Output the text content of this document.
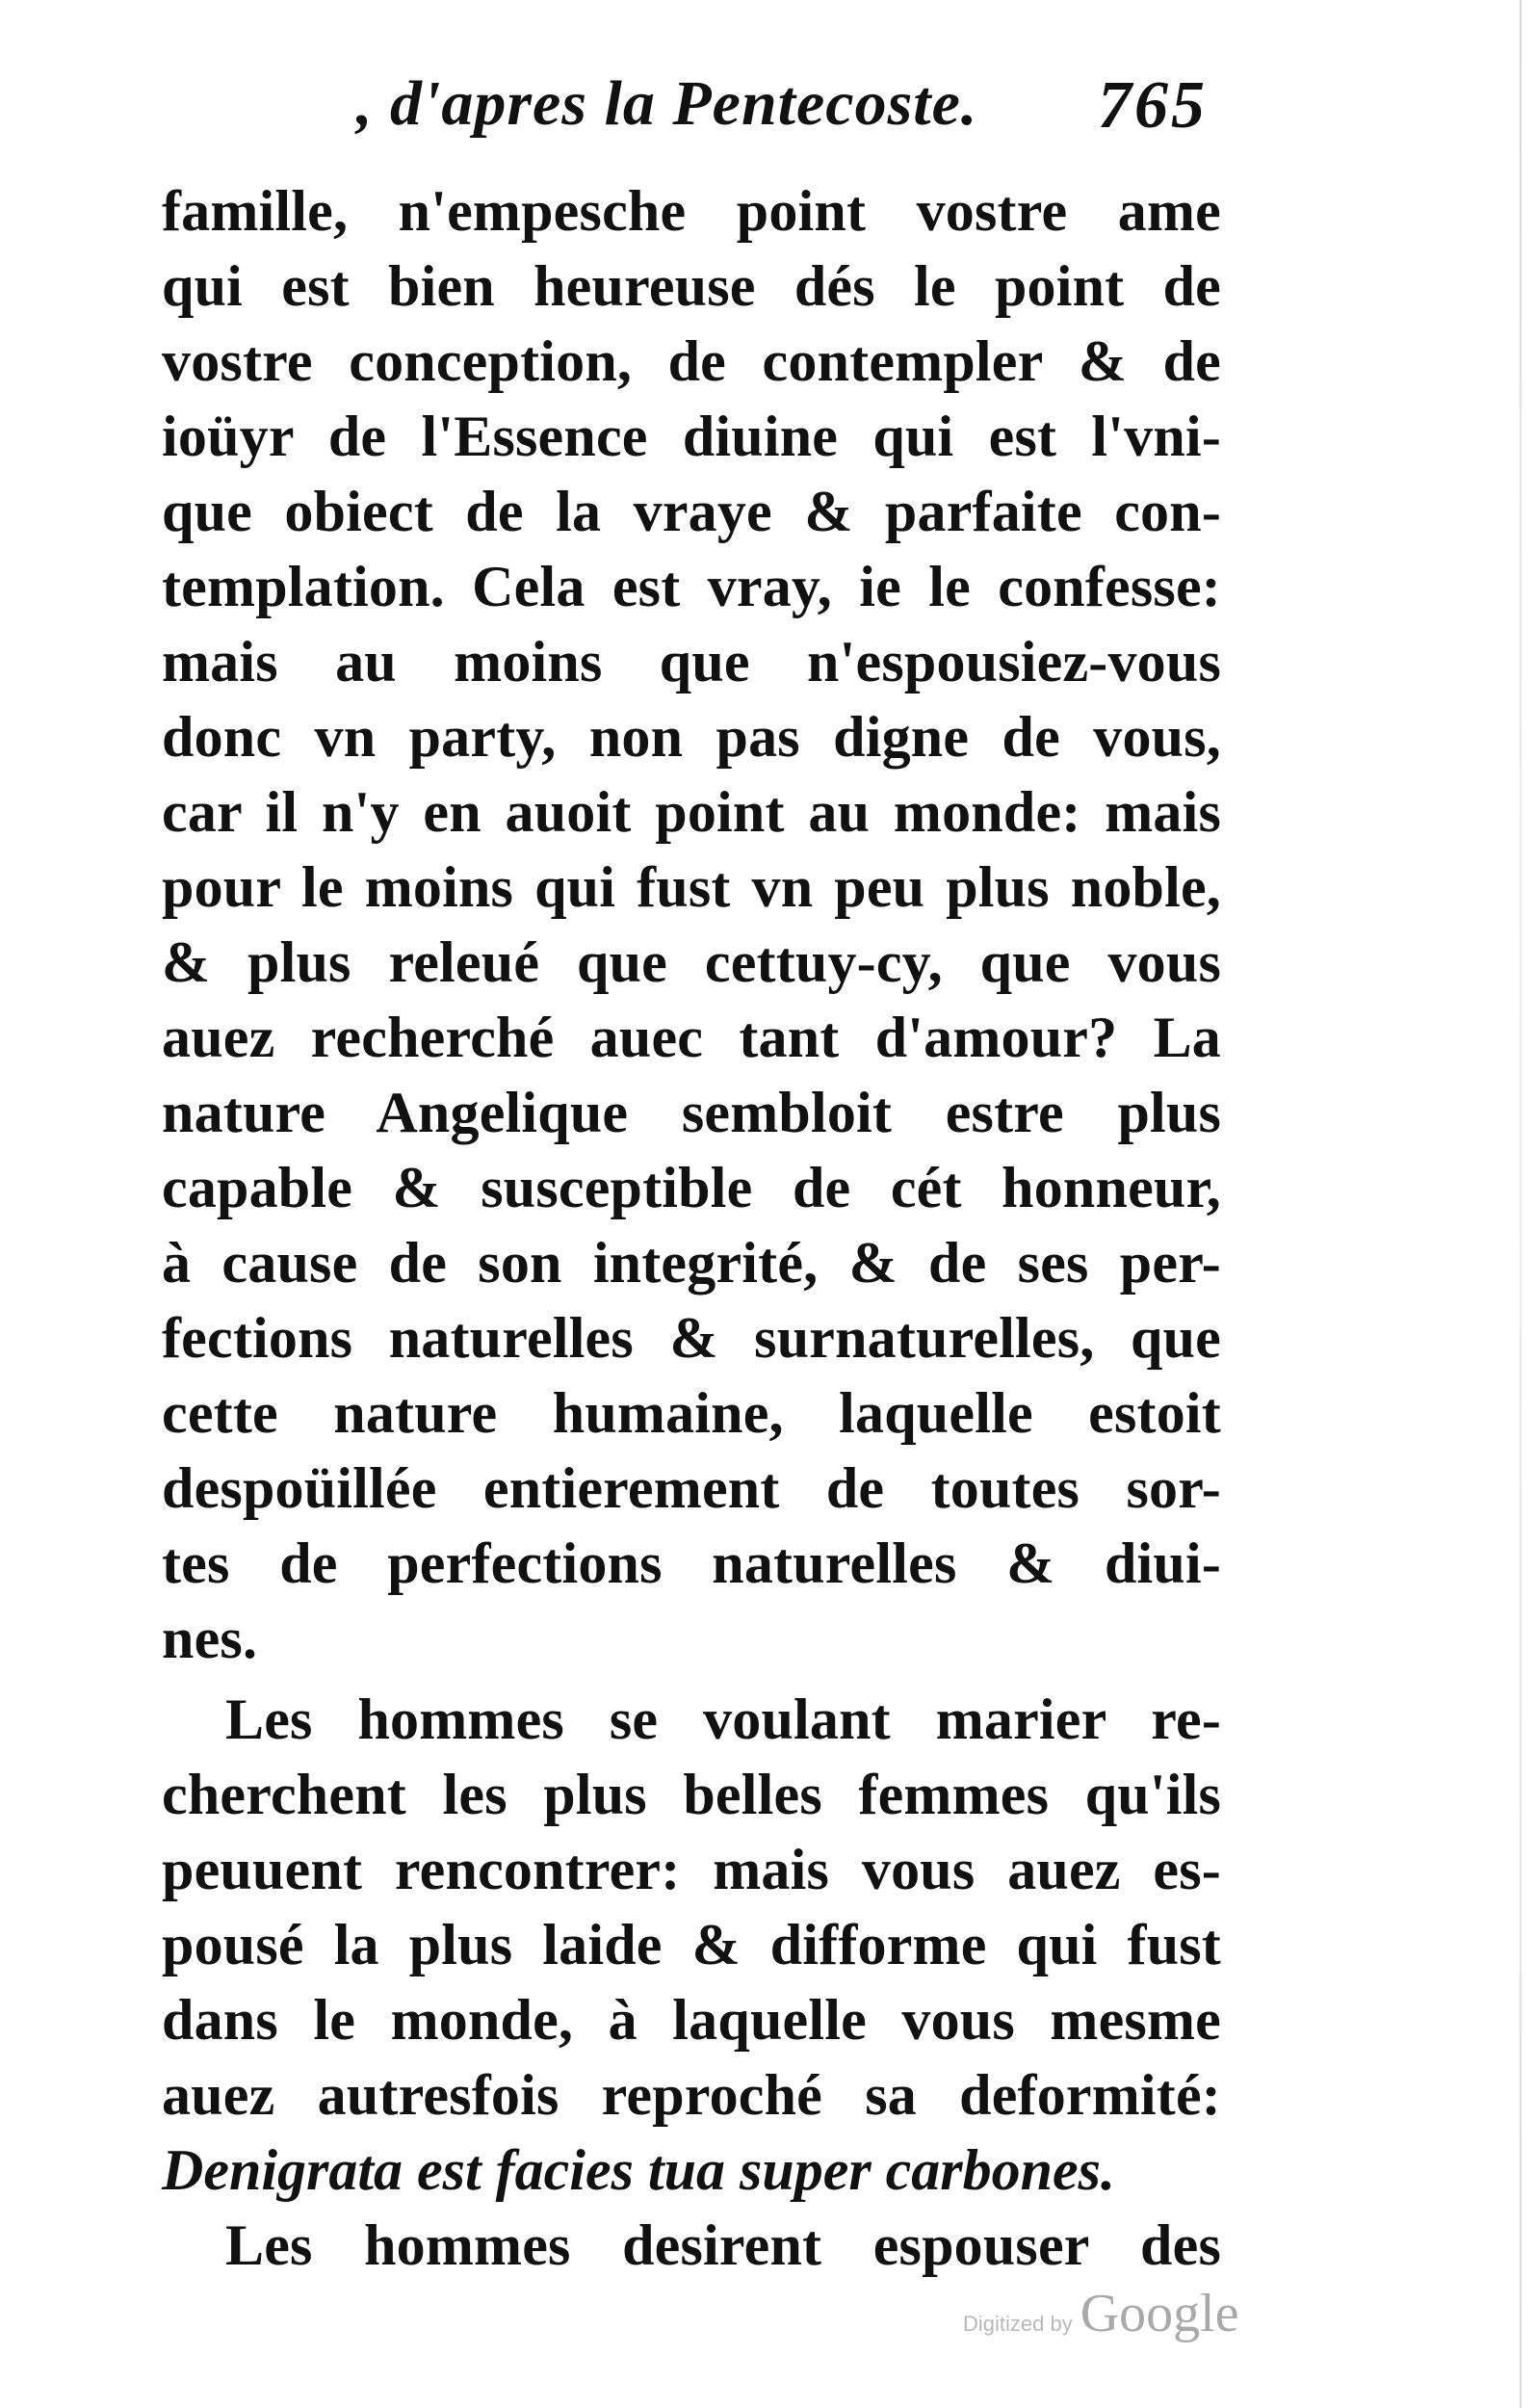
, d'apres la Pentecoste. 765
famille, n'empesche point vostre ame
qui est bien heureuse dés le point de
vostre conception, de contempler & de
ioüyr de l'Essence diuine qui est l'vni-
que obiect de la vraye & parfaite con-
templation. Cela est vray, ie le confesse:
mais au moins que n'espousiez-vous
donc vn party, non pas digne de vous,
car il n'y en auoit point au monde: mais
pour le moins qui fust vn peu plus noble,
& plus releué que cettuy-cy, que vous
auez recherché auec tant d'amour? La
nature Angelique sembloit estre plus
capable & susceptible de cét honneur,
à cause de son integrité, & de ses per-
fections naturelles & surnaturelles, que
cette nature humaine, laquelle estoit
despoüillée entierement de toutes sor-
tes de perfections naturelles & diui-
nes.
Les hommes se voulant marier re-
cherchent les plus belles femmes qu'ils
peuuent rencontrer: mais vous auez es-
pousé la plus laide & difforme qui fust
dans le monde, à laquelle vous mesme
auez autresfois reproché sa deformité:
Denigrata est facies tua super carbones.
Les hommes desirent espouser des
Digitized by Google
